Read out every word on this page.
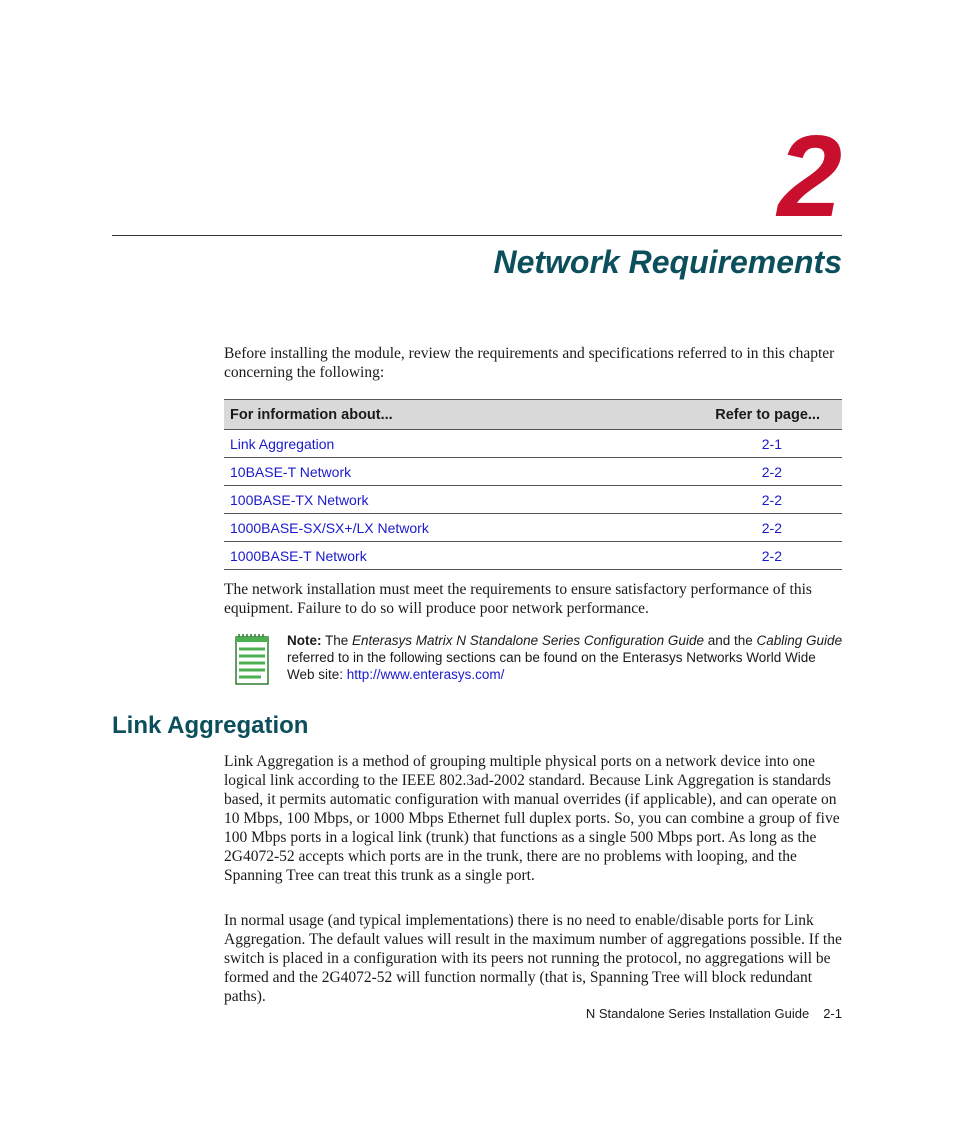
2
Network Requirements

Before installing the module, review the requirements and specifications referred to in this chapter concerning the following:

For information about...	Refer to page...
Link Aggregation	2-1
10BASE-T Network	2-2
100BASE-TX Network	2-2
1000BASE-SX/SX+/LX Network	2-2
1000BASE-T Network	2-2

The network installation must meet the requirements to ensure satisfactory performance of this equipment. Failure to do so will produce poor network performance.

Note: The Enterasys Matrix N Standalone Series Configuration Guide and the Cabling Guide referred to in the following sections can be found on the Enterasys Networks World Wide Web site: http://www.enterasys.com/

Link Aggregation

Link Aggregation is a method of grouping multiple physical ports on a network device into one logical link according to the IEEE 802.3ad-2002 standard. Because Link Aggregation is standards based, it permits automatic configuration with manual overrides (if applicable), and can operate on 10 Mbps, 100 Mbps, or 1000 Mbps Ethernet full duplex ports. So, you can combine a group of five 100 Mbps ports in a logical link (trunk) that functions as a single 500 Mbps port. As long as the 2G4072-52 accepts which ports are in the trunk, there are no problems with looping, and the Spanning Tree can treat this trunk as a single port.

In normal usage (and typical implementations) there is no need to enable/disable ports for Link Aggregation. The default values will result in the maximum number of aggregations possible. If the switch is placed in a configuration with its peers not running the protocol, no aggregations will be formed and the 2G4072-52 will function normally (that is, Spanning Tree will block redundant paths).

N Standalone Series Installation Guide 2-1
